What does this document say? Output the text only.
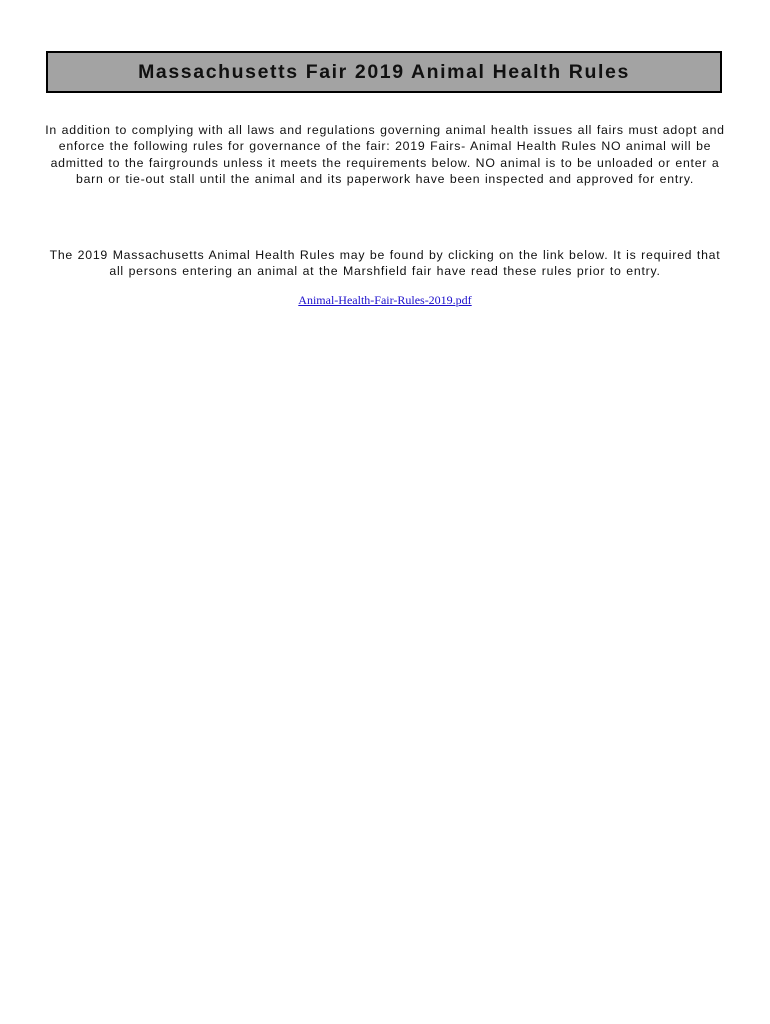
Massachusetts Fair 2019 Animal Health Rules

In addition to complying with all laws and regulations governing animal health issues all fairs must adopt and enforce the following rules for governance of the fair: 2019 Fairs- Animal Health Rules NO animal will be admitted to the fairgrounds unless it meets the requirements below. NO animal is to be unloaded or enter a barn or tie-out stall until the animal and its paperwork have been inspected and approved for entry.

The 2019 Massachusetts Animal Health Rules may be found by clicking on the link below. It is required that all persons entering an animal at the Marshfield fair have read these rules prior to entry.

Animal-Health-Fair-Rules-2019.pdf
